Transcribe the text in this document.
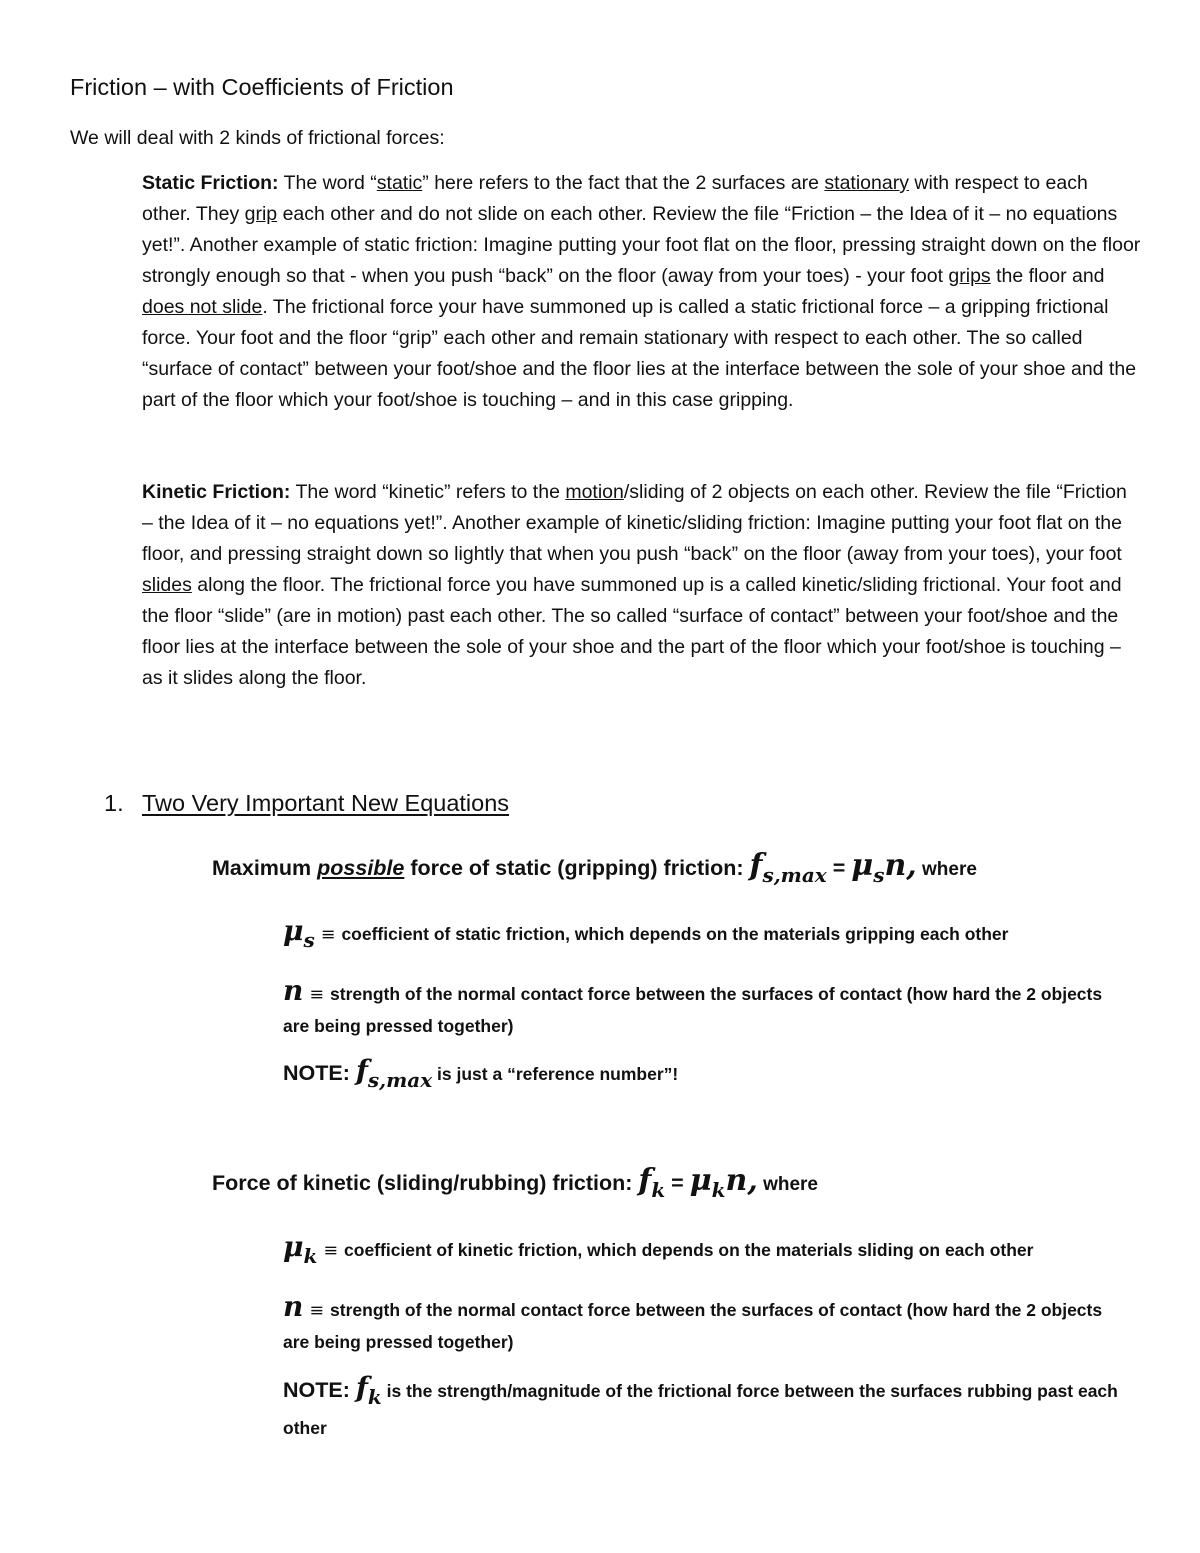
Friction – with Coefficients of Friction
We will deal with 2 kinds of frictional forces:
Static Friction: The word “static” here refers to the fact that the 2 surfaces are stationary with respect to each other. They grip each other and do not slide on each other. Review the file “Friction – the Idea of it – no equations yet!”. Another example of static friction: Imagine putting your foot flat on the floor, pressing straight down on the floor strongly enough so that - when you push “back” on the floor (away from your toes) - your foot grips the floor and does not slide. The frictional force your have summoned up is called a static frictional force – a gripping frictional force. Your foot and the floor “grip” each other and remain stationary with respect to each other. The so called “surface of contact” between your foot/shoe and the floor lies at the interface between the sole of your shoe and the part of the floor which your foot/shoe is touching – and in this case gripping.
Kinetic Friction: The word “kinetic” refers to the motion/sliding of 2 objects on each other. Review the file “Friction – the Idea of it – no equations yet!”. Another example of kinetic/sliding friction: Imagine putting your foot flat on the floor, and pressing straight down so lightly that when you push “back” on the floor (away from your toes), your foot slides along the floor. The frictional force you have summoned up is a called kinetic/sliding frictional. Your foot and the floor “slide” (are in motion) past each other. The so called “surface of contact” between your foot/shoe and the floor lies at the interface between the sole of your shoe and the part of the floor which your foot/shoe is touching – as it slides along the floor.
1. Two Very Important New Equations
Maximum possible force of static (gripping) friction: $f_{s,max} = \mu_sn$, where
$\mu_s$ ≡ coefficient of static friction, which depends on the materials gripping each other
n ≡ strength of the normal contact force between the surfaces of contact (how hard the 2 objects are being pressed together)
NOTE: $f_{s,max}$ is just a “reference number”!
Force of kinetic (sliding/rubbing) friction: $f_k = \mu_kn$, where
$\mu_k$ ≡ coefficient of kinetic friction, which depends on the materials sliding on each other
n ≡ strength of the normal contact force between the surfaces of contact (how hard the 2 objects are being pressed together)
NOTE: $f_k$ is the strength/magnitude of the frictional force between the surfaces rubbing past each other
